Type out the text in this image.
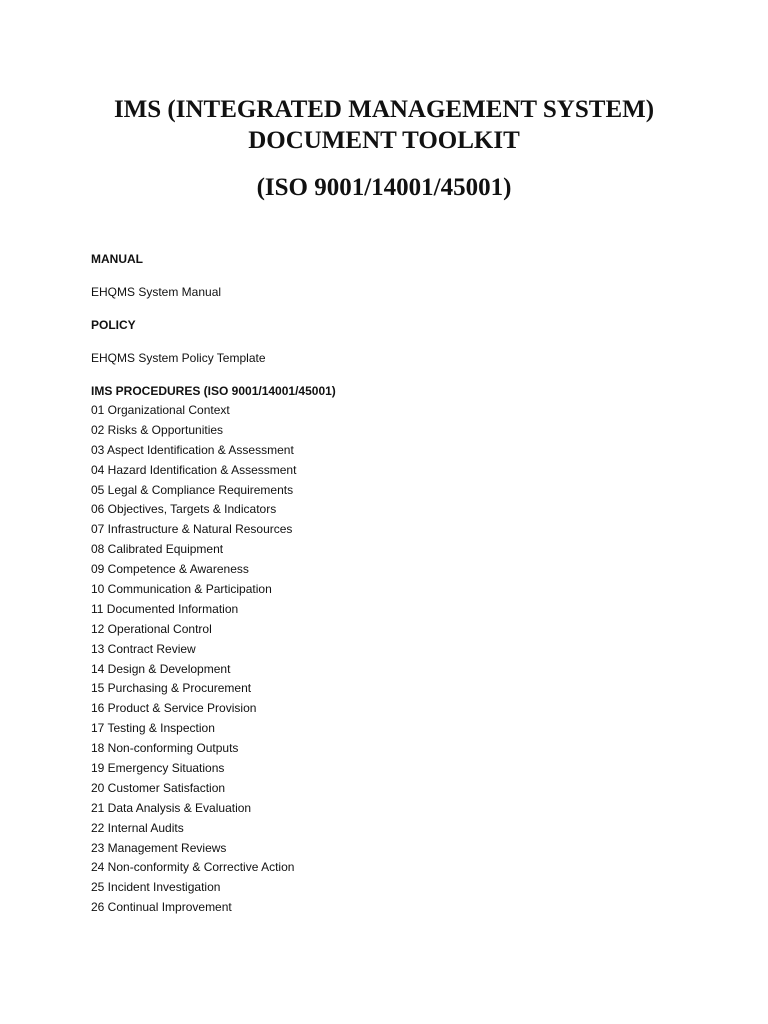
IMS (INTEGRATED MANAGEMENT SYSTEM)
DOCUMENT TOOLKIT
(ISO 9001/14001/45001)
MANUAL
EHQMS System Manual
POLICY
EHQMS System Policy Template
IMS PROCEDURES (ISO 9001/14001/45001)
01 Organizational Context
02 Risks & Opportunities
03 Aspect Identification & Assessment
04 Hazard Identification & Assessment
05 Legal & Compliance Requirements
06 Objectives, Targets & Indicators
07 Infrastructure & Natural Resources
08 Calibrated Equipment
09 Competence & Awareness
10 Communication & Participation
11 Documented Information
12 Operational Control
13 Contract Review
14 Design & Development
15 Purchasing & Procurement
16 Product & Service Provision
17 Testing & Inspection
18 Non-conforming Outputs
19 Emergency Situations
20 Customer Satisfaction
21 Data Analysis & Evaluation
22 Internal Audits
23 Management Reviews
24 Non-conformity & Corrective Action
25 Incident Investigation
26 Continual Improvement
